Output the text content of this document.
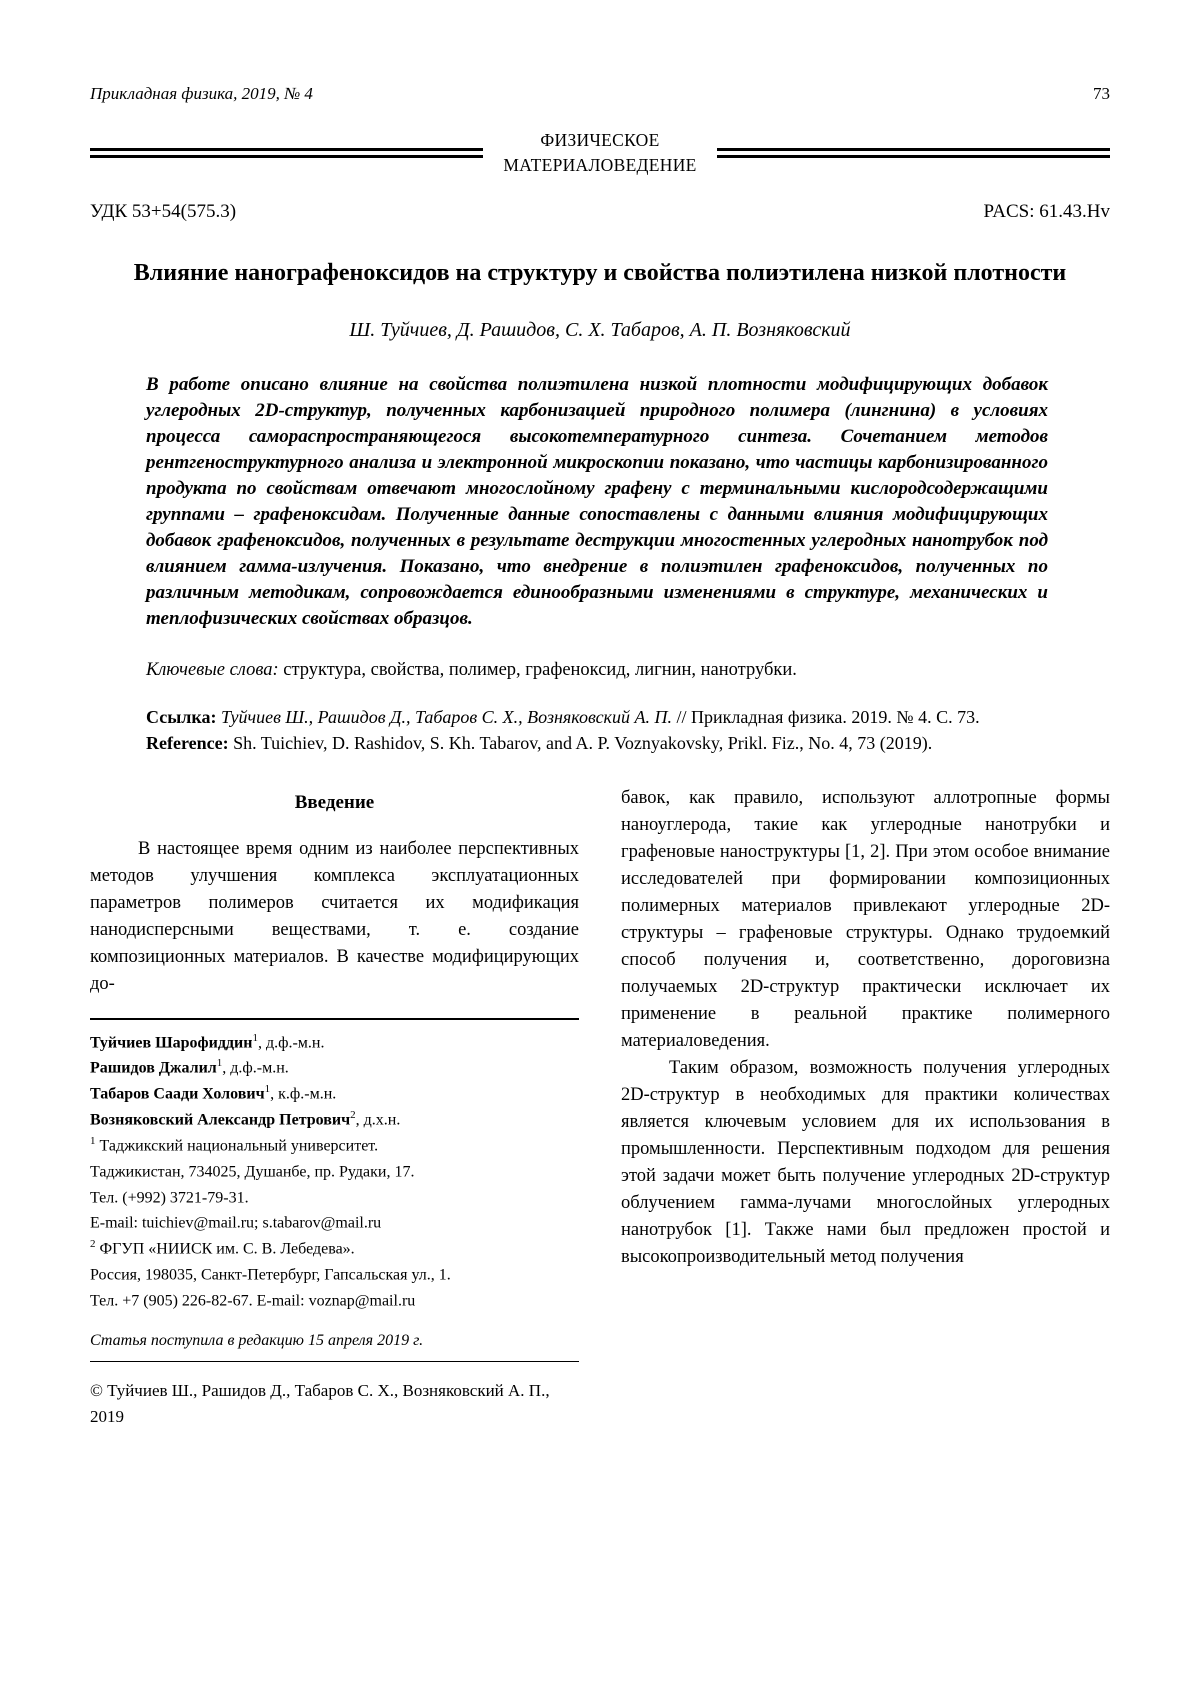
Прикладная физика, 2019, № 4	73
ФИЗИЧЕСКОЕ
МАТЕРИАЛОВЕДЕНИЕ
УДК 53+54(575.3)	PACS: 61.43.Hv
Влияние нанографеноксидов на структуру и свойства полиэтилена низкой плотности
Ш. Туйчиев, Д. Рашидов, С. Х. Табаров, А. П. Возняковский
В работе описано влияние на свойства полиэтилена низкой плотности модифицирующих добавок углеродных 2D-структур, полученных карбонизацией природного полимера (лингнина) в условиях процесса самораспространяющегося высокотемпературного синтеза. Сочетанием методов рентгеноструктурного анализа и электронной микроскопии показано, что частицы карбонизированного продукта по свойствам отвечают многослойному графену с терминальными кислородсодержащими группами – графеноксидам. Полученные данные сопоставлены с данными влияния модифицирующих добавок графеноксидов, полученных в результате деструкции многостенных углеродных нанотрубок под влиянием гамма-излучения. Показано, что внедрение в полиэтилен графеноксидов, полученных по различным методикам, сопровождается единообразными изменениями в структуре, механических и теплофизических свойствах образцов.

Ключевые слова: структура, свойства, полимер, графеноксид, лигнин, нанотрубки.

Ссылка: Туйчиев Ш., Рашидов Д., Табаров С. Х., Возняковский А. П. // Прикладная физика. 2019. № 4. С. 73.

Reference: Sh. Tuichiev, D. Rashidov, S. Kh. Tabarov, and A. P. Voznyakovsky, Prikl. Fiz., No. 4, 73 (2019).

Введение

В настоящее время одним из наиболее перспективных методов улучшения комплекса эксплуатационных параметров полимеров считается их модификация нанодисперсными веществами, т. е. создание композиционных материалов. В качестве модифицирующих до-

Туйчиев Шарофиддин$^1$, д.ф.-м.н.
Рашидов Джалил$^1$, д.ф.-м.н.
Табаров Саади Холович$^1$, к.ф.-м.н.
Возняковский Александр Петрович$^2$, д.х.н.
$^1$ Таджикский национальный университет.
Таджикистан, 734025, Душанбе, пр. Рудаки, 17.
Тел. (+992) 3721-79-31.
E-mail: tuichiev@mail.ru; s.tabarov@mail.ru
$^2$ ФГУП «НИИСК им. С. В. Лебедева».
Россия, 198035, Санкт-Петербург, Гапсальская ул., 1.
Тел. +7 (905) 226-82-67. E-mail: voznap@mail.ru

Статья поступила в редакцию 15 апреля 2019 г.

© Туйчиев Ш., Рашидов Д., Табаров С. Х., Возняковский А. П., 2019

бавок, как правило, используют аллотропные формы наноуглерода, такие как углеродные нанотрубки и графеновые наноструктуры [1, 2]. При этом особое внимание исследователей при формировании композиционных полимерных материалов привлекают углеродные 2D-структуры – графеновые структуры. Однако трудоемкий способ получения и, соответственно, дороговизна получаемых 2D-структур практически исключает их применение в реальной практике полимерного материаловедения.

Таким образом, возможность получения углеродных 2D-структур в необходимых для практики количествах является ключевым условием для их использования в промышленности. Перспективным подходом для решения этой задачи может быть получение углеродных 2D-структур облучением гамма-лучами многослойных углеродных нанотрубок [1]. Также нами был предложен простой и высокопроизводительный метод получения
